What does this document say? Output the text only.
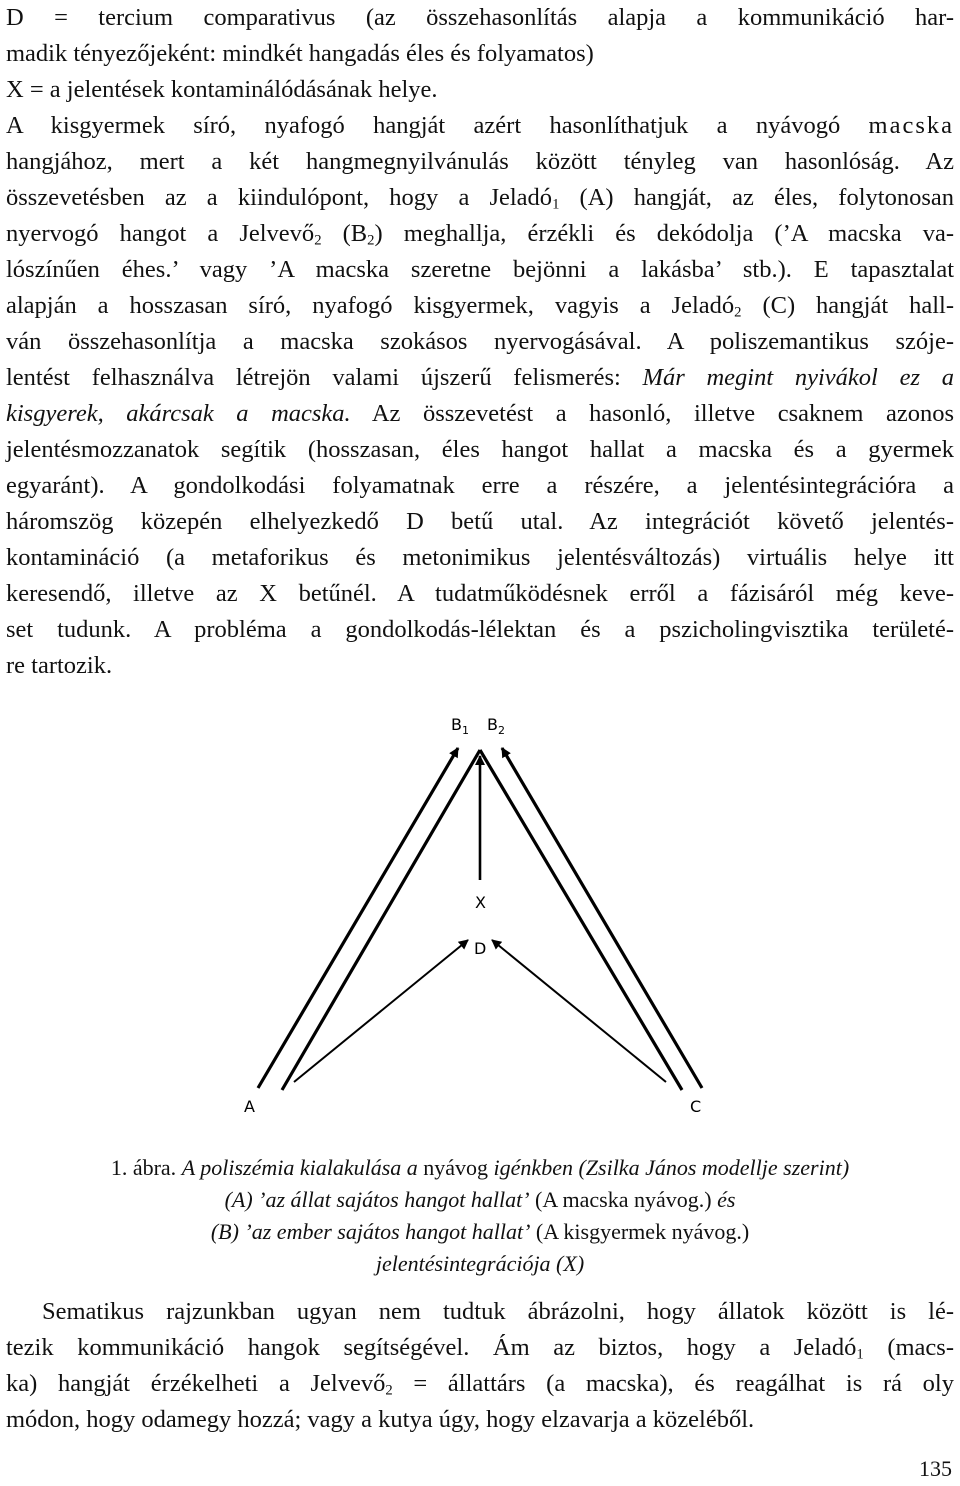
D = tercium comparativus (az összehasonlítás alapja a kommunikáció har-
madik tényezőjeként: mindkét hangadás éles és folyamatos)
X = a jelentések kontaminálódásának helye.
A kisgyermek síró, nyafogó hangját azért hasonlíthatjuk a nyávogó macska
hangjához, mert a két hangmegnyilvánulás között tényleg van hasonlóság. Az
összevetésben az a kiindulópont, hogy a Jeladó$_1$ (A) hangját, az éles, folytonosan
nyervogó hangot a Jelvevő$_2$ $(B_2)$ meghallja, érzékli és dekódolja (’A macska va-
lószínűen éhes.’ vagy ’A macska szeretne bejönni a lakásba’ stb.). E tapasztalat
alapján a hosszasan síró, nyafogó kisgyermek, vagyis a Jeladó$_2$ (C) hangját hall-
ván összehasonlítja a macska szokásos nyervogásával. A poliszemantikus szóje-
lentést felhasználva létrejön valami újszerű felismerés: Már megint nyivákol ez a
kisgyerek, akárcsak a macska. Az összevetést a hasonló, illetve csaknem azonos
jelentésmozzanatok segítik (hosszasan, éles hangot hallat a macska és a gyermek
egyaránt). A gondolkodási folyamatnak erre a részére, a jelentésintegrációra a
háromszög közepén elhelyezkedő D betű utal. Az integrációt követő jelentés-
kontamináció (a metaforikus és metonimikus jelentésváltozás) virtuális helye itt
keresendő, illetve az X betűnél. A tudatműködésnek erről a fázisáról még keve-
set tudunk. A probléma a gondolkodás-lélektan és a pszicholingvisztika területé-
re tartozik.
$B_1$ $B_2$
X
D
A	C
1. ábra. A poliszémia kialakulása a nyávog igénkben (Zsilka János modellje szerint)
(A) ’az állat sajátos hangot hallat’ (A macska nyávog.) és
(B) ’az ember sajátos hangot hallat’ (A kisgyermek nyávog.)
jelentésintegrációja (X)
Sematikus rajzunkban ugyan nem tudtuk ábrázolni, hogy állatok között is lé-
tezik kommunikáció hangok segítségével. Ám az biztos, hogy a Jeladó$_1$ (macs-
ka) hangját érzékelheti a Jelvevő$_2$ = állattárs (a macska), és reagálhat is rá oly
módon, hogy odamegy hozzá; vagy a kutya úgy, hogy elzavarja a közeléből.
135
